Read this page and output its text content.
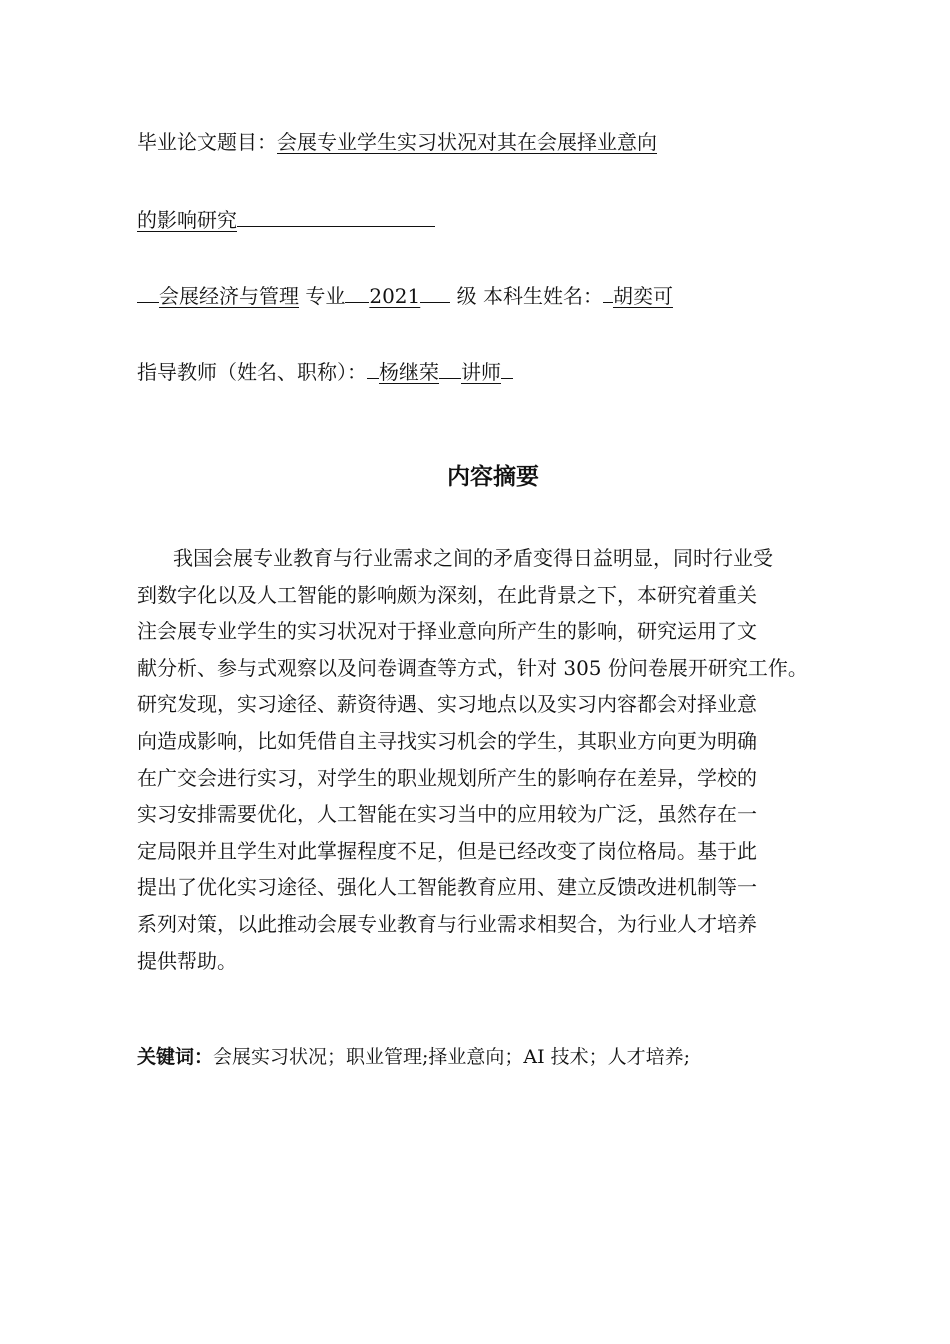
毕业论文题目：会展专业学生实习状况对其在会展择业意向
的影响研究
会展经济与管理 专业 2021 级 本科生姓名： 胡奕可
指导教师（姓名、职称）： 杨继荣 讲师
内容摘要

我国会展专业教育与行业需求之间的矛盾变得日益明显，同时行业受
到数字化以及人工智能的影响颇为深刻，在此背景之下，本研究着重关
注会展专业学生的实习状况对于择业意向所产生的影响，研究运用了文
献分析、参与式观察以及问卷调查等方式，针对 305 份问卷展开研究工作。
研究发现，实习途径、薪资待遇、实习地点以及实习内容都会对择业意
向造成影响，比如凭借自主寻找实习机会的学生，其职业方向更为明确
在广交会进行实习，对学生的职业规划所产生的影响存在差异，学校的
实习安排需要优化，人工智能在实习当中的应用较为广泛，虽然存在一
定局限并且学生对此掌握程度不足，但是已经改变了岗位格局。基于此
提出了优化实习途径、强化人工智能教育应用、建立反馈改进机制等一
系列对策，以此推动会展专业教育与行业需求相契合，为行业人才培养
提供帮助。

关键词：会展实习状况；职业管理;择业意向；AI 技术；人才培养;
